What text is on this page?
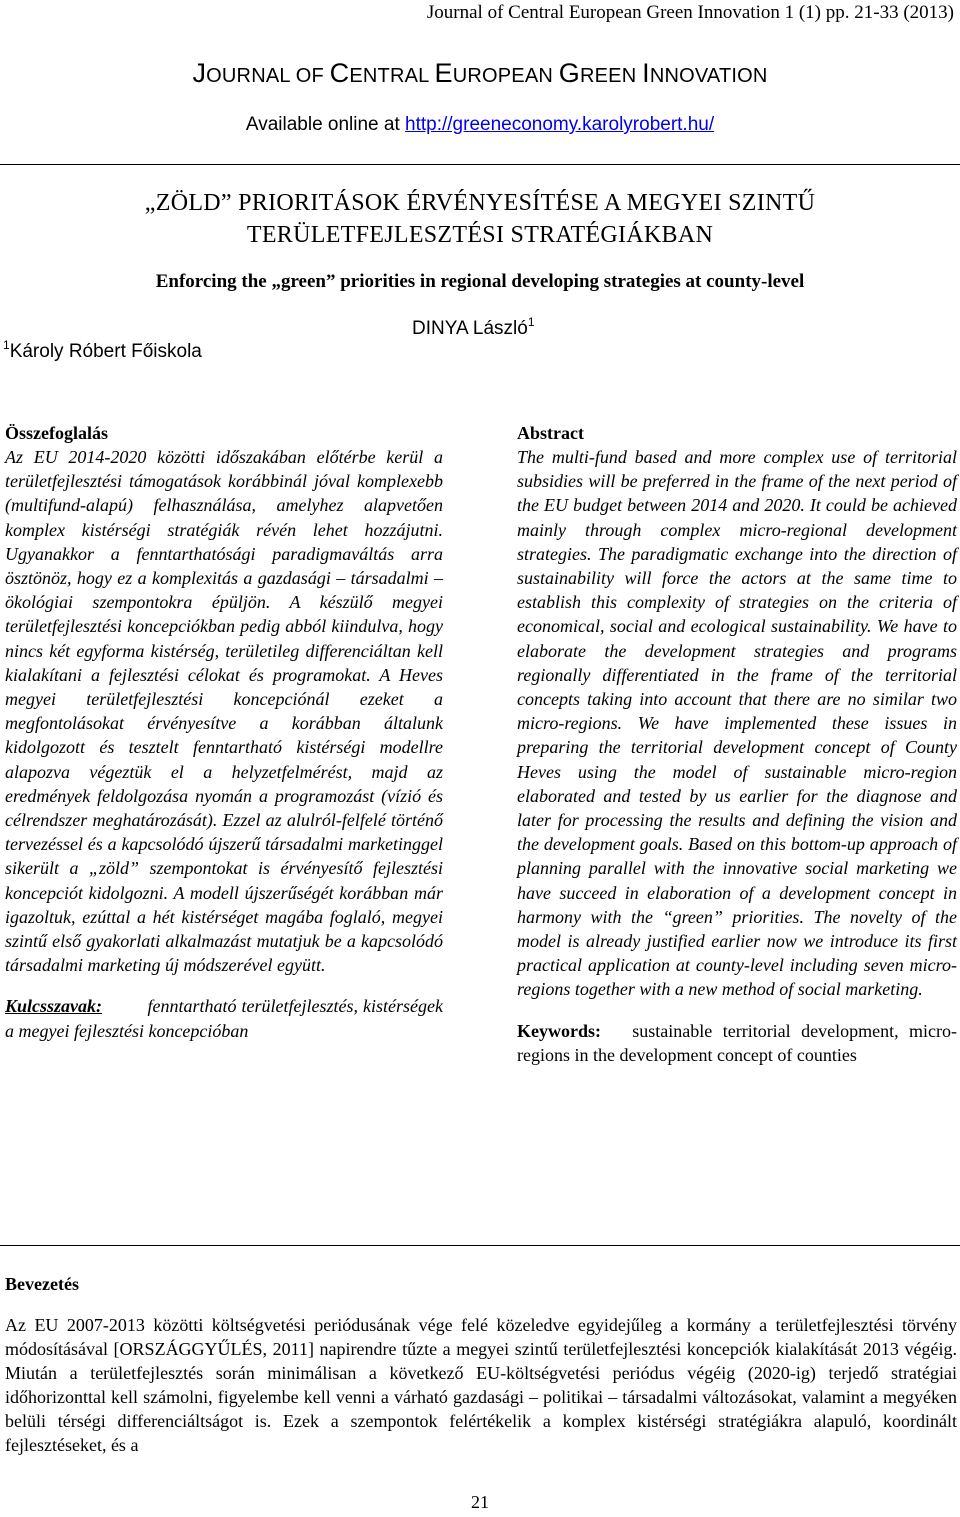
Journal of Central European Green Innovation 1 (1) pp. 21-33 (2013)
JOURNAL OF CENTRAL EUROPEAN GREEN INNOVATION
Available online at http://greeneconomy.karolyrobert.hu/
„ZÖLD” PRIORITÁSOK ÉRVÉNYESÍTÉSE A MEGYEI SZINTŰ
TERÜLETFEJLESZTÉSI STRATÉGIÁKBAN
Enforcing the „green” priorities in regional developing strategies at county-level
DINYA László$^1$
$^1$Károly Róbert Főiskola
Összefoglalás

Az EU 2014-2020 közötti időszakában előtérbe kerül a területfejlesztési támogatások korábbinál jóval komplexebb (multifund-alapú) felhasználása, amelyhez alapvetően komplex kistérségi stratégiák révén lehet hozzájutni. Ugyanakkor a fenntarthatósági paradigmaváltás arra ösztönöz, hogy ez a komplexitás a gazdasági – társadalmi – ökológiai szempontokra épüljön. A készülő megyei területfejlesztési koncepciókban pedig abból kiindulva, hogy nincs két egyforma kistérség, területileg differenciáltan kell kialakítani a fejlesztési célokat és programokat. A Heves megyei területfejlesztési koncepciónál ezeket a megfontolásokat érvényesítve a korábban általunk kidolgozott és tesztelt fenntartható kistérségi modellre alapozva végeztük el a helyzetfelmérést, majd az eredmények feldolgozása nyomán a programozást (vízió és célrendszer meghatározását). Ezzel az alulról-felfelé történő tervezéssel és a kapcsolódó újszerű társadalmi marketinggel sikerült a „zöld” szempontokat is érvényesítő fejlesztési koncepciót kidolgozni. A modell újszerűségét korábban már igazoltuk, ezúttal a hét kistérséget magába foglaló, megyei szintű első gyakorlati alkalmazást mutatjuk be a kapcsolódó társadalmi marketing új módszerével együtt.

Kulcsszavak:	fenntartható területfejlesztés, kistérségek a megyei fejlesztési koncepcióban
Abstract

The multi-fund based and more complex use of territorial subsidies will be preferred in the frame of the next period of the EU budget between 2014 and 2020. It could be achieved mainly through complex micro-regional development strategies. The paradigmatic exchange into the direction of sustainability will force the actors at the same time to establish this complexity of strategies on the criteria of economical, social and ecological sustainability. We have to elaborate the development strategies and programs regionally differentiated in the frame of the territorial concepts taking into account that there are no similar two micro-regions. We have implemented these issues in preparing the territorial development concept of County Heves using the model of sustainable micro-region elaborated and tested by us earlier for the diagnose and later for processing the results and defining the vision and the development goals. Based on this bottom-up approach of planning parallel with the innovative social marketing we have succeed in elaboration of a development concept in harmony with the “green” priorities. The novelty of the model is already justified earlier now we introduce its first practical application at county-level including seven micro-regions together with a new method of social marketing.

Keywords: sustainable territorial development, micro-regions in the development concept of counties
Bevezetés

Az EU 2007-2013 közötti költségvetési periódusának vége felé közeledve egyidejűleg a kormány a területfejlesztési törvény módosításával [ORSZÁGGYŰLÉS, 2011] napirendre tűzte a megyei szintű területfejlesztési koncepciók kialakítását 2013 végéig. Miután a területfejlesztés során minimálisan a következő EU-költségvetési periódus végéig (2020-ig) terjedő stratégiai időhorizonttal kell számolni, figyelembe kell venni a várható gazdasági – politikai – társadalmi változásokat, valamint a megyéken belüli térségi differenciáltságot is. Ezek a szempontok felértékelik a komplex kistérségi stratégiákra alapuló, koordinált fejlesztéseket, és a

21
